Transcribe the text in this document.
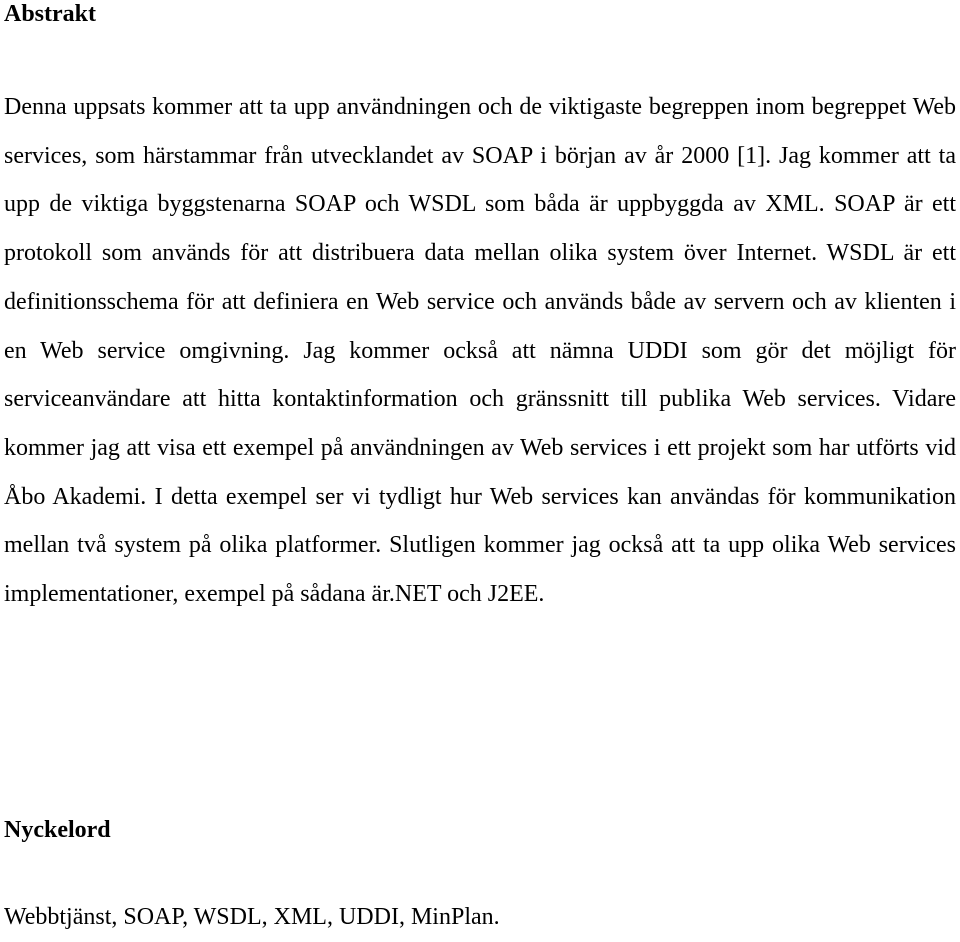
Abstrakt

Denna uppsats kommer att ta upp användningen och de viktigaste begreppen inom begreppet Web services, som härstammar från utvecklandet av SOAP i början av år 2000 [1]. Jag kommer att ta upp de viktiga byggstenarna SOAP och WSDL som båda är uppbyggda av XML. SOAP är ett protokoll som används för att distribuera data mellan olika system över Internet. WSDL är ett definitionsschema för att definiera en Web service och används både av servern och av klienten i en Web service omgivning. Jag kommer också att nämna UDDI som gör det möjligt för serviceanvändare att hitta kontaktinformation och gränssnitt till publika Web services. Vidare kommer jag att visa ett exempel på användningen av Web services i ett projekt som har utförts vid Åbo Akademi. I detta exempel ser vi tydligt hur Web services kan användas för kommunikation mellan två system på olika platformer. Slutligen kommer jag också att ta upp olika Web services implementationer, exempel på sådana är.NET och J2EE.

Nyckelord

Webbtjänst, SOAP, WSDL, XML, UDDI, MinPlan.
